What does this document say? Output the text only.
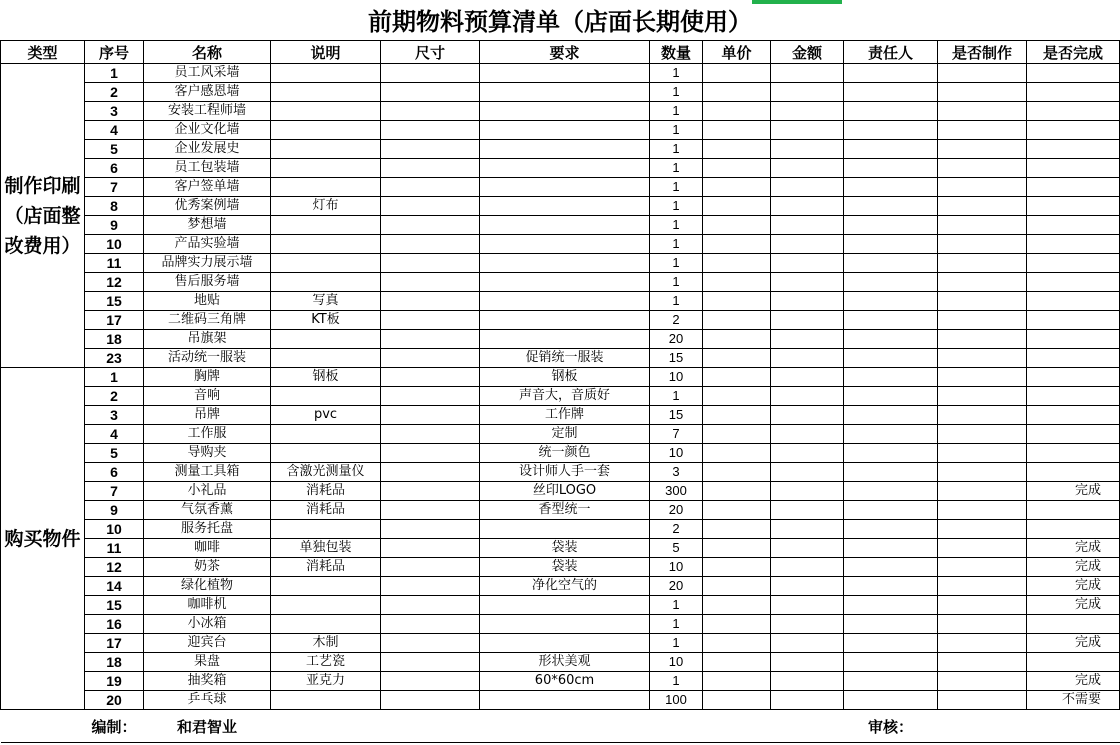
前期物料预算清单（店面长期使用）
类型	序号	名称	说明	尺寸	要求	数量	单价	金额	责任人	是否制作	是否完成
制作印刷（店面整改费用）	1	员工风采墙				1					
	2	客户感恩墙				1					
	3	安装工程师墙				1					
	4	企业文化墙				1					
	5	企业发展史				1					
	6	员工包装墙				1					
	7	客户签单墙				1					
	8	优秀案例墙	灯布			1					
	9	梦想墙				1					
	10	产品实验墙				1					
	11	品牌实力展示墙				1					
	12	售后服务墙				1					
	15	地贴	写真			1					
	17	二维码三角牌	KT板			2					
	18	吊旗架				20					
	23	活动统一服装			促销统一服装	15					
购买物件	1	胸牌	钢板		钢板	10					
	2	音响			声音大，音质好	1					
	3	吊牌	pvc		工作牌	15					
	4	工作服			定制	7					
	5	导购夹			统一颜色	10					
	6	测量工具箱	含激光测量仪		设计师人手一套	3					
	7	小礼品	消耗品		丝印LOGO	300					完成
	9	气氛香薰	消耗品		香型统一	20					
	10	服务托盘				2					
	11	咖啡	单独包装		袋装	5					完成
	12	奶茶	消耗品		袋装	10					完成
	14	绿化植物			净化空气的	20					完成
	15	咖啡机				1					完成
	16	小冰箱				1					
	17	迎宾台	木制			1					完成
	18	果盘	工艺瓷		形状美观	10					
	19	抽奖箱	亚克力		60*60cm	1					完成
	20	乒乓球				100					不需要
	编制：	和君智业							审核：		
